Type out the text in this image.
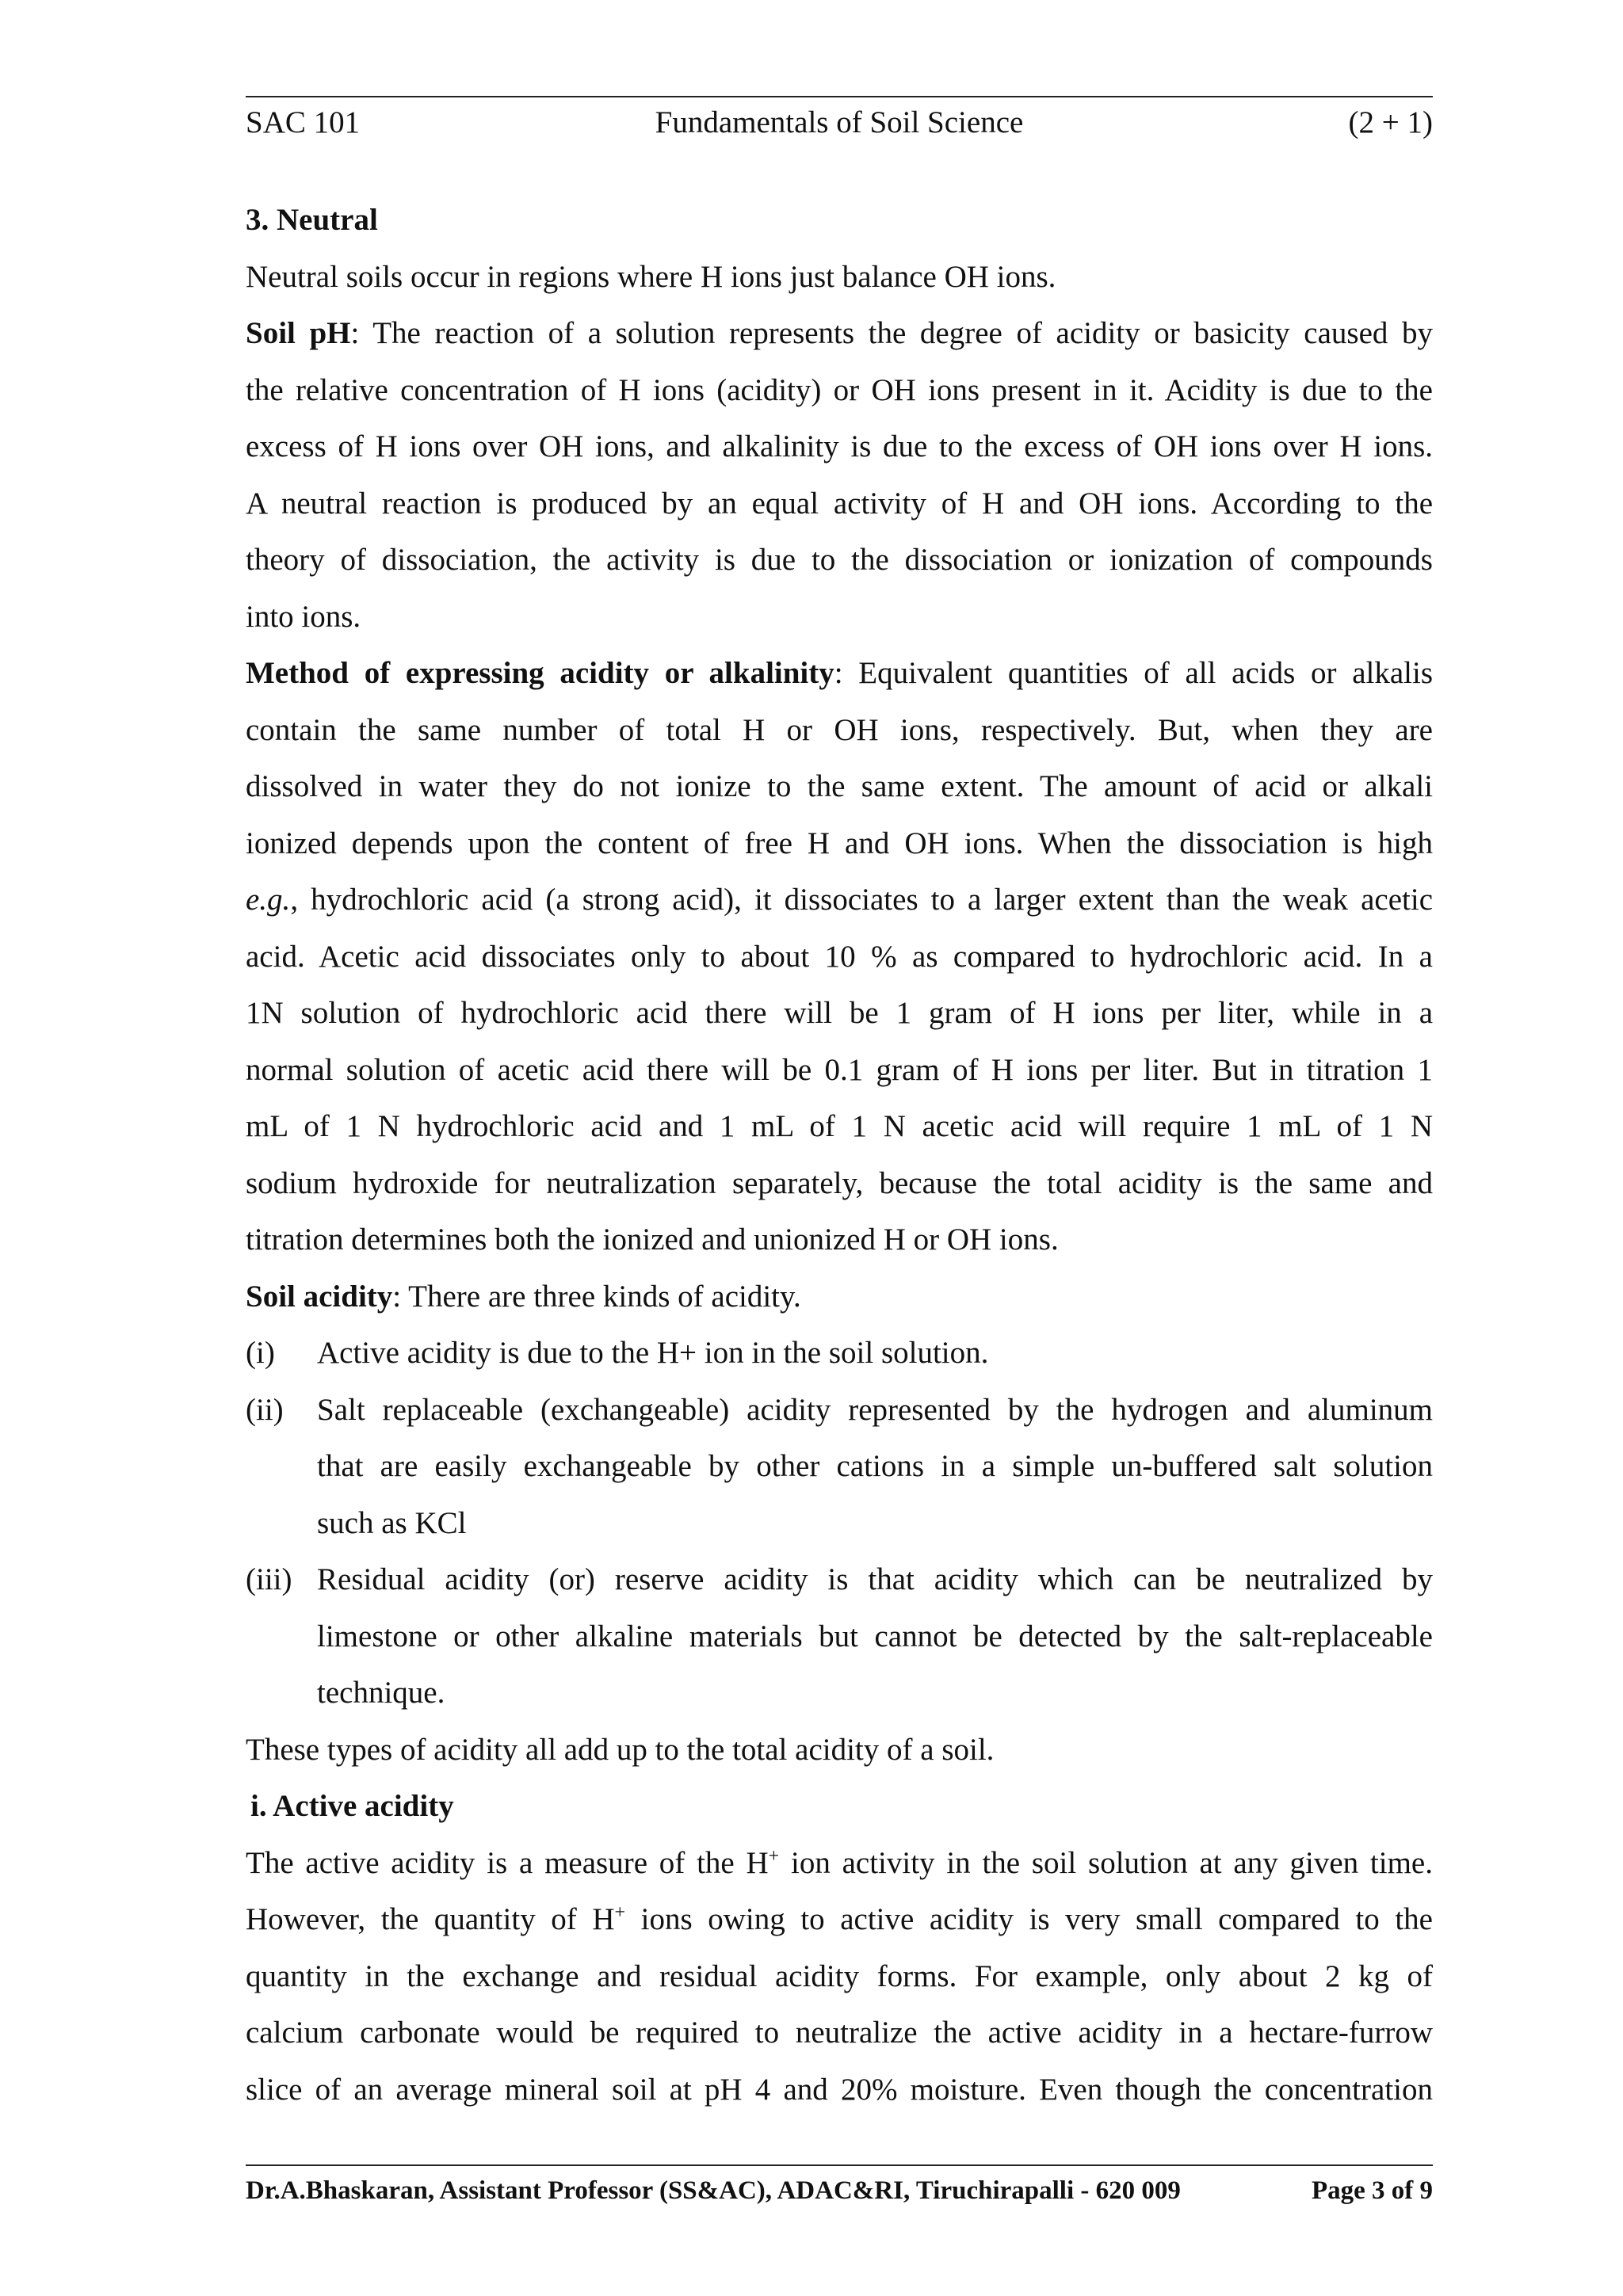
SAC 101	Fundamentals of Soil Science	(2 + 1)
3. Neutral
Neutral soils occur in regions where H ions just balance OH ions.
Soil pH: The reaction of a solution represents the degree of acidity or basicity caused by
the relative concentration of H ions (acidity) or OH ions present in it. Acidity is due to the
excess of H ions over OH ions, and alkalinity is due to the excess of OH ions over H ions.
A neutral reaction is produced by an equal activity of H and OH ions. According to the
theory of dissociation, the activity is due to the dissociation or ionization of compounds
into ions.
Method of expressing acidity or alkalinity: Equivalent quantities of all acids or alkalis
contain the same number of total H or OH ions, respectively. But, when they are
dissolved in water they do not ionize to the same extent. The amount of acid or alkali
ionized depends upon the content of free H and OH ions. When the dissociation is high
e.g., hydrochloric acid (a strong acid), it dissociates to a larger extent than the weak acetic
acid. Acetic acid dissociates only to about 10 % as compared to hydrochloric acid. In a
1N solution of hydrochloric acid there will be 1 gram of H ions per liter, while in a
normal solution of acetic acid there will be 0.1 gram of H ions per liter. But in titration 1
mL of 1 N hydrochloric acid and 1 mL of 1 N acetic acid will require 1 mL of 1 N
sodium hydroxide for neutralization separately, because the total acidity is the same and
titration determines both the ionized and unionized H or OH ions.
Soil acidity: There are three kinds of acidity.
(i)	Active acidity is due to the H+ ion in the soil solution.
(ii)	Salt replaceable (exchangeable) acidity represented by the hydrogen and aluminum
that are easily exchangeable by other cations in a simple un-buffered salt solution
such as KCl
(iii) Residual acidity (or) reserve acidity is that acidity which can be neutralized by
limestone or other alkaline materials but cannot be detected by the salt-replaceable
technique.
These types of acidity all add up to the total acidity of a soil.
i. Active acidity
The active acidity is a measure of the H+ ion activity in the soil solution at any given time.
However, the quantity of H+ ions owing to active acidity is very small compared to the
quantity in the exchange and residual acidity forms. For example, only about 2 kg of
calcium carbonate would be required to neutralize the active acidity in a hectare-furrow
slice of an average mineral soil at pH 4 and 20% moisture. Even though the concentration
Dr.A.Bhaskaran, Assistant Professor (SS&AC), ADAC&RI, Tiruchirapalli - 620 009	Page 3 of 9
